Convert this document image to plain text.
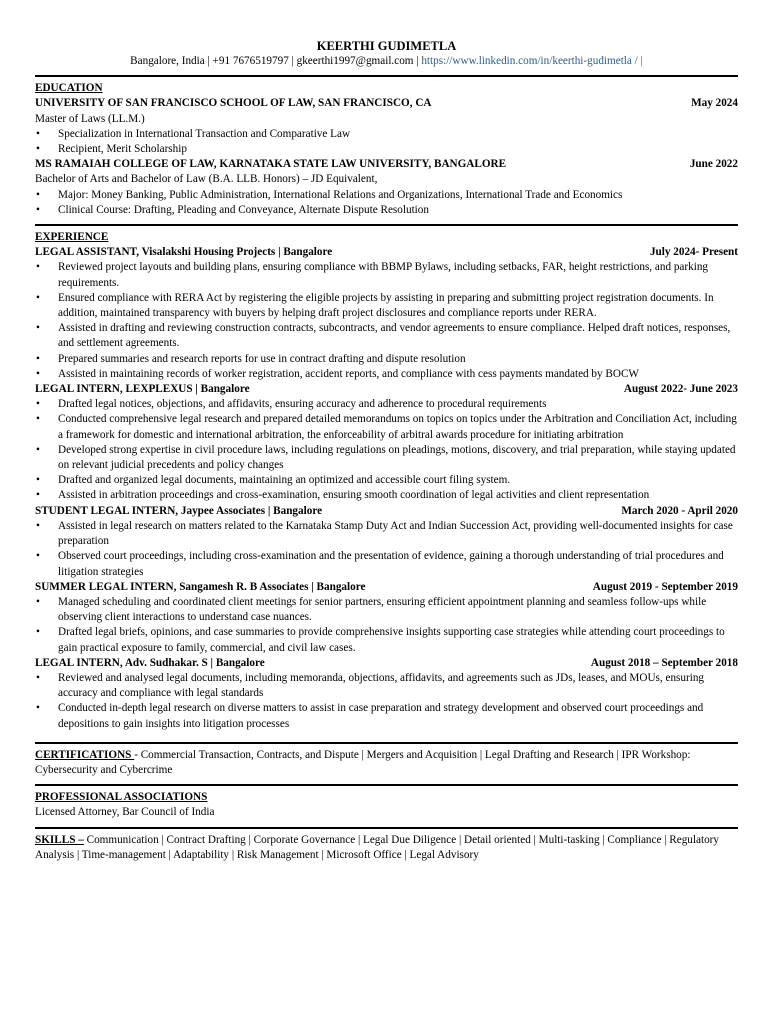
KEERTHI GUDIMETLA
Bangalore, India | +91 7676519797 | gkeerthi1997@gmail.com | https://www.linkedin.com/in/keerthi-gudimetla / |
EDUCATION
UNIVERSITY OF SAN FRANCISCO SCHOOL OF LAW, SAN FRANCISCO, CA	May 2024
Master of Laws (LL.M.)
• Specialization in International Transaction and Comparative Law
• Recipient, Merit Scholarship
MS RAMAIAH COLLEGE OF LAW, KARNATAKA STATE LAW UNIVERSITY, BANGALORE	June 2022
Bachelor of Arts and Bachelor of Law (B.A. LLB. Honors) – JD Equivalent,
• Major: Money Banking, Public Administration, International Relations and Organizations, International Trade and Economics
• Clinical Course: Drafting, Pleading and Conveyance, Alternate Dispute Resolution
EXPERIENCE
LEGAL ASSISTANT, Visalakshi Housing Projects | Bangalore	July 2024- Present
• Reviewed project layouts and building plans, ensuring compliance with BBMP Bylaws, including setbacks, FAR, height restrictions, and parking requirements.
• Ensured compliance with RERA Act by registering the eligible projects by assisting in preparing and submitting project registration documents. In addition, maintained transparency with buyers by helping draft project disclosures and compliance reports under RERA.
• Assisted in drafting and reviewing construction contracts, subcontracts, and vendor agreements to ensure compliance. Helped draft notices, responses, and settlement agreements.
• Prepared summaries and research reports for use in contract drafting and dispute resolution
• Assisted in maintaining records of worker registration, accident reports, and compliance with cess payments mandated by BOCW
LEGAL INTERN, LEXPLEXUS | Bangalore	August 2022- June 2023
• Drafted legal notices, objections, and affidavits, ensuring accuracy and adherence to procedural requirements
• Conducted comprehensive legal research and prepared detailed memorandums on topics on topics under the Arbitration and Conciliation Act, including a framework for domestic and international arbitration, the enforceability of arbitral awards procedure for initiating arbitration
• Developed strong expertise in civil procedure laws, including regulations on pleadings, motions, discovery, and trial preparation, while staying updated on relevant judicial precedents and policy changes
• Drafted and organized legal documents, maintaining an optimized and accessible court filing system.
• Assisted in arbitration proceedings and cross-examination, ensuring smooth coordination of legal activities and client representation
STUDENT LEGAL INTERN, Jaypee Associates | Bangalore	March 2020 - April 2020
• Assisted in legal research on matters related to the Karnataka Stamp Duty Act and Indian Succession Act, providing well-documented insights for case preparation
• Observed court proceedings, including cross-examination and the presentation of evidence, gaining a thorough understanding of trial procedures and litigation strategies
SUMMER LEGAL INTERN, Sangamesh R. B Associates | Bangalore	August 2019 - September 2019
• Managed scheduling and coordinated client meetings for senior partners, ensuring efficient appointment planning and seamless follow-ups while observing client interactions to understand case nuances.
• Drafted legal briefs, opinions, and case summaries to provide comprehensive insights supporting case strategies while attending court proceedings to gain practical exposure to family, commercial, and civil law cases.
LEGAL INTERN, Adv. Sudhakar. S | Bangalore	August 2018 – September 2018
• Reviewed and analysed legal documents, including memoranda, objections, affidavits, and agreements such as JDs, leases, and MOUs, ensuring accuracy and compliance with legal standards
• Conducted in-depth legal research on diverse matters to assist in case preparation and strategy development and observed court proceedings and depositions to gain insights into litigation processes
CERTIFICATIONS - Commercial Transaction, Contracts, and Dispute | Mergers and Acquisition | Legal Drafting and Research | IPR Workshop: Cybersecurity and Cybercrime
PROFESSIONAL ASSOCIATIONS
Licensed Attorney, Bar Council of India
SKILLS – Communication | Contract Drafting | Corporate Governance | Legal Due Diligence | Detail oriented | Multi-tasking | Compliance | Regulatory Analysis | Time-management | Adaptability | Risk Management | Microsoft Office | Legal Advisory
